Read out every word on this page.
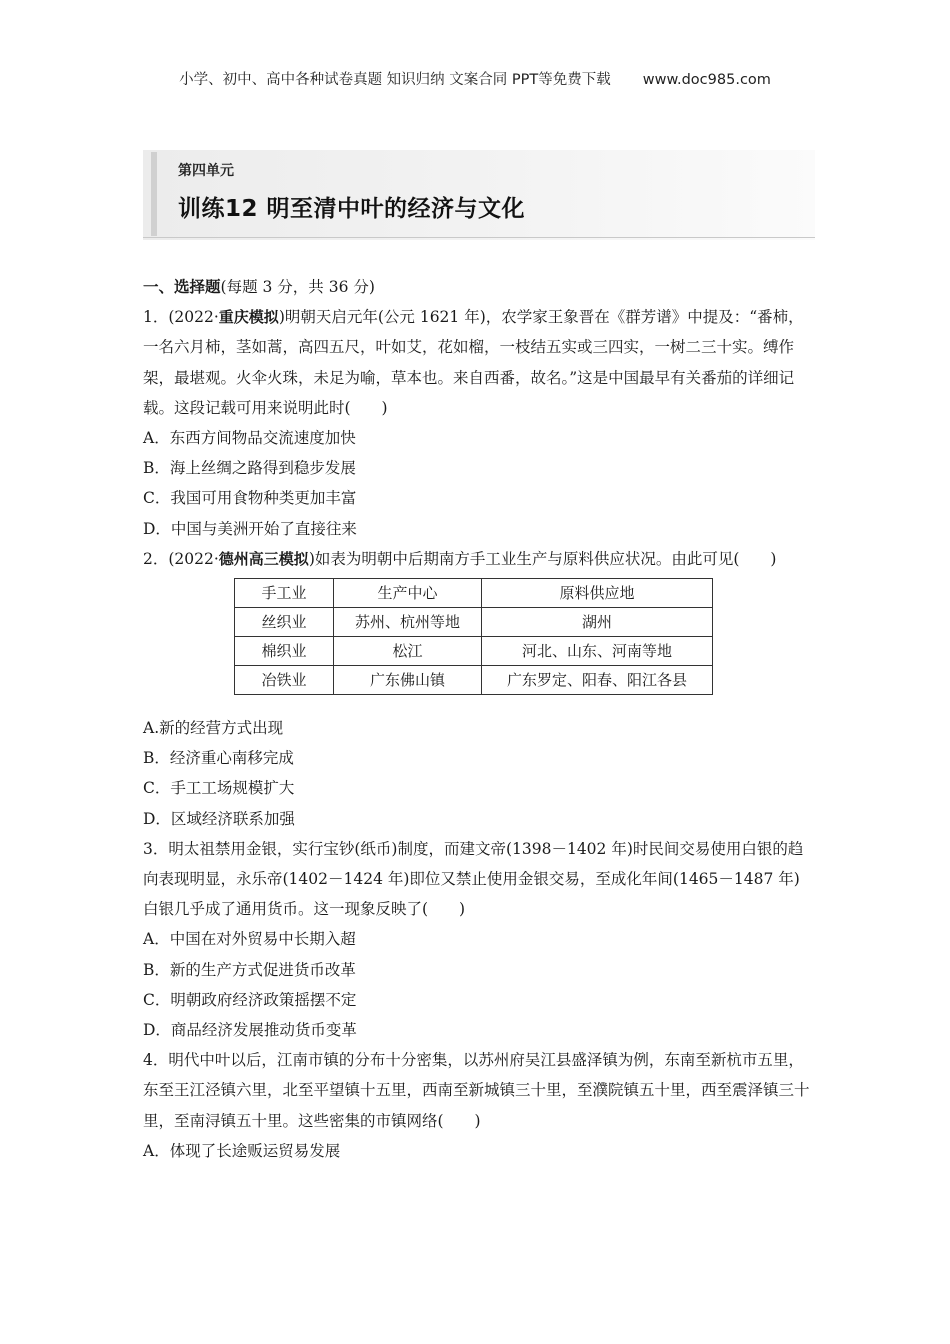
小学、初中、高中各种试卷真题 知识归纳 文案合同 PPT等免费下载 www.doc985.com
第四单元
训练12 明至清中叶的经济与文化

一、选择题(每题 3 分，共 36 分)

1．(2022·重庆模拟)明朝天启元年(公元 1621 年)，农学家王象晋在《群芳谱》中提及：“番柿，一名六月柿，茎如蒿，高四五尺，叶如艾，花如榴，一枝结五实或三四实，一树二三十实。缚作架，最堪观。火伞火珠，未足为喻，草本也。来自西番，故名。”这是中国最早有关番茄的详细记载。这段记载可用来说明此时(　　)

A．东西方间物品交流速度加快

B．海上丝绸之路得到稳步发展

C．我国可用食物种类更加丰富

D．中国与美洲开始了直接往来

2．(2022·德州高三模拟)如表为明朝中后期南方手工业生产与原料供应状况。由此可见(　　)

手工业	生产中心	原料供应地
丝织业	苏州、杭州等地	湖州
棉织业	松江	河北、山东、河南等地
冶铁业	广东佛山镇	广东罗定、阳春、阳江各县

A.新的经营方式出现

B．经济重心南移完成

C．手工工场规模扩大

D．区域经济联系加强

3．明太祖禁用金银，实行宝钞(纸币)制度，而建文帝(1398－1402 年)时民间交易使用白银的趋向表现明显，永乐帝(1402－1424 年)即位又禁止使用金银交易，至成化年间(1465－1487 年)白银几乎成了通用货币。这一现象反映了(　　)

A．中国在对外贸易中长期入超

B．新的生产方式促进货币改革

C．明朝政府经济政策摇摆不定

D．商品经济发展推动货币变革

4．明代中叶以后，江南市镇的分布十分密集，以苏州府吴江县盛泽镇为例，东南至新杭市五里，东至王江泾镇六里，北至平望镇十五里，西南至新城镇三十里，至濮院镇五十里，西至震泽镇三十里，至南浔镇五十里。这些密集的市镇网络(　　)

A．体现了长途贩运贸易发展
